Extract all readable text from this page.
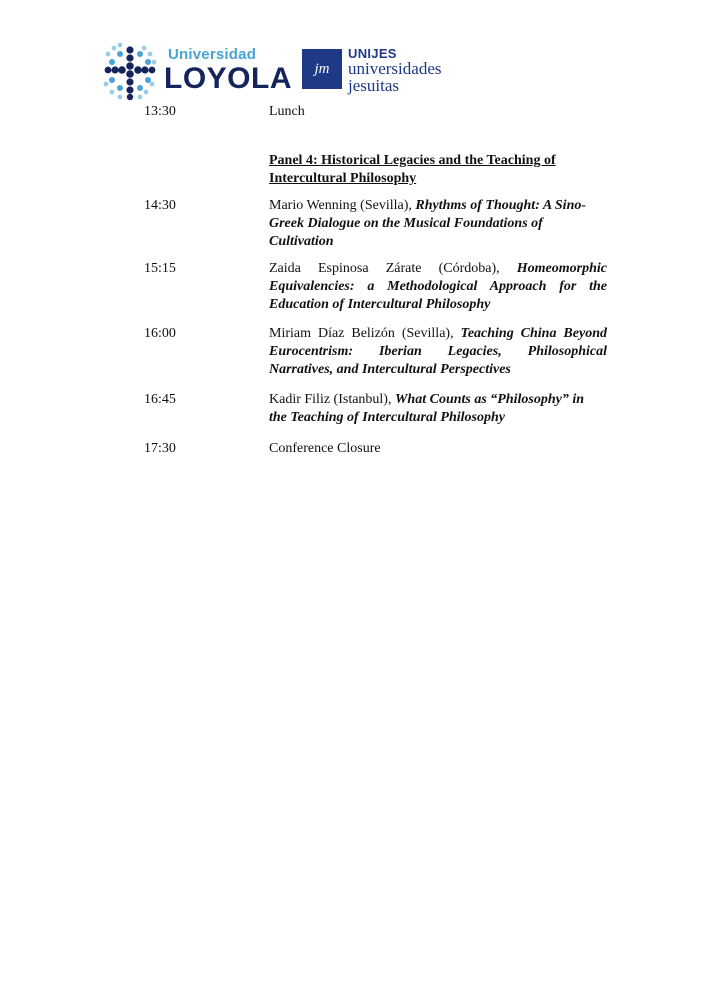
Universidad
LOYOLA	jm
UNIJES
universidades
jesuitas
13:30	Lunch
Panel 4: Historical Legacies and the Teaching of Intercultural Philosophy
14:30	Mario Wenning (Sevilla), Rhythms of Thought: A Sino-Greek Dialogue on the Musical Foundations of Cultivation
15:15	Zaida Espinosa Zárate (Córdoba), Homeomorphic Equivalencies: a Methodological Approach for the Education of Intercultural Philosophy
16:00	Miriam Díaz Belizón (Sevilla), Teaching China Beyond Eurocentrism: Iberian Legacies, Philosophical Narratives, and Intercultural Perspectives
16:45	Kadir Filiz (Istanbul), What Counts as “Philosophy” in the Teaching of Intercultural Philosophy
17:30	Conference Closure
